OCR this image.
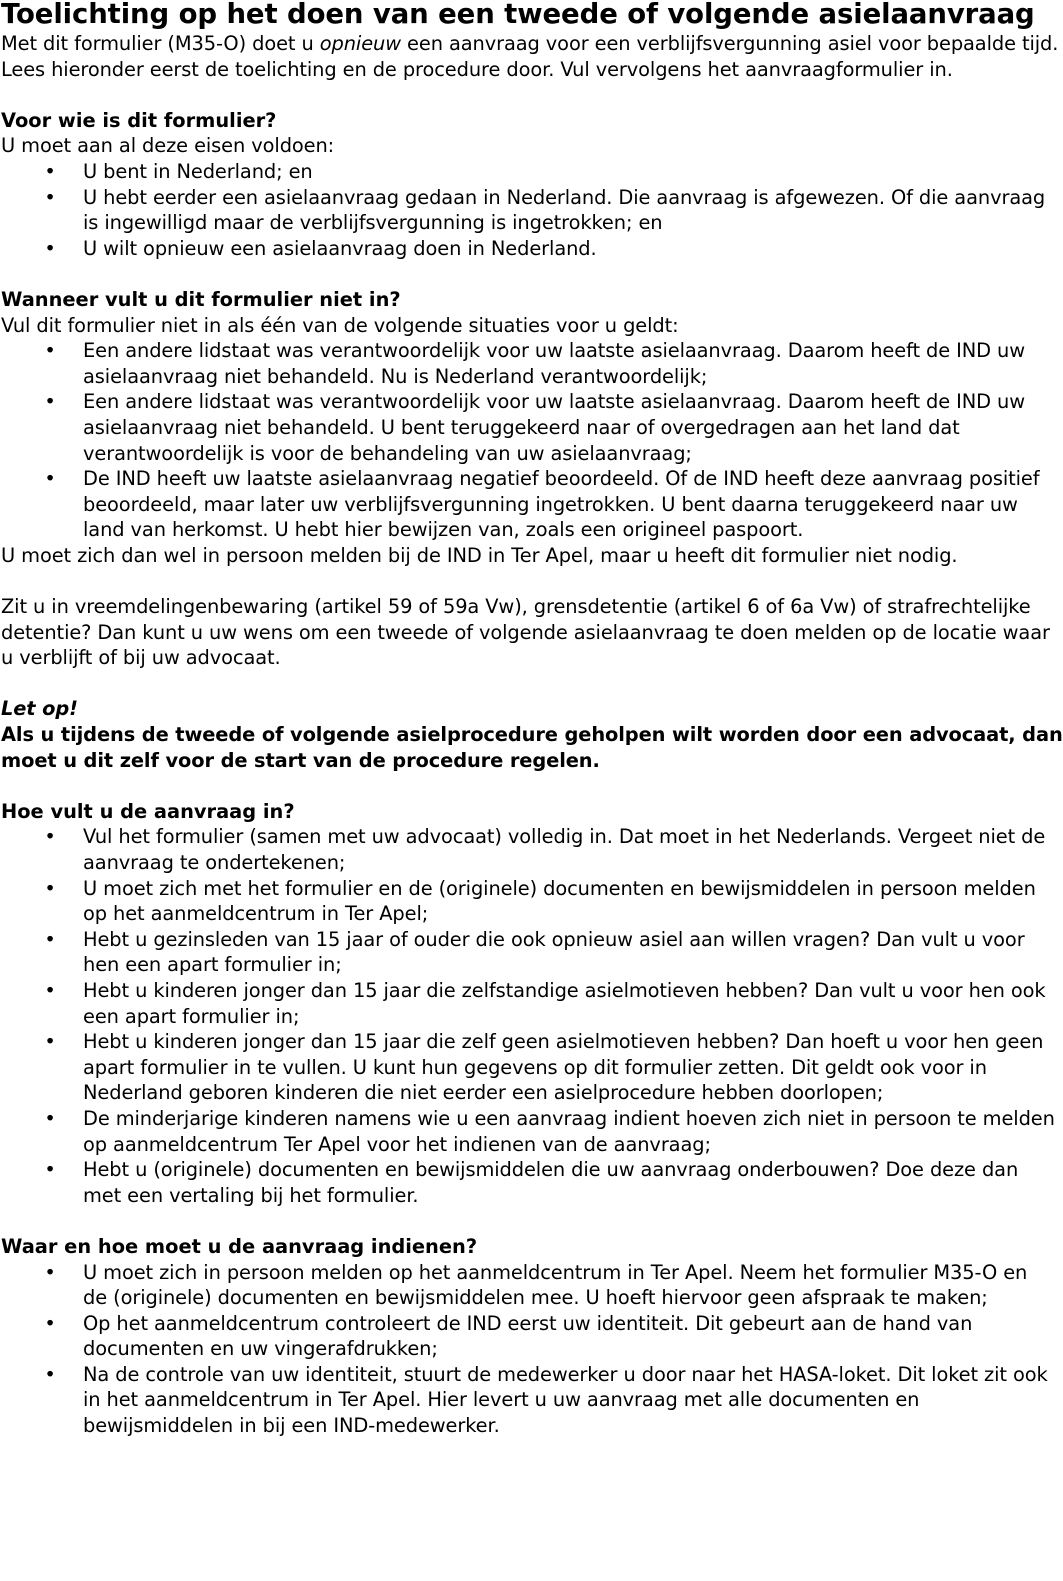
Toelichting op het doen van een tweede of volgende asielaanvraag

Met dit formulier (M35-O) doet u opnieuw een aanvraag voor een verblijfsvergunning asiel voor bepaalde tijd. Lees hieronder eerst de toelichting en de procedure door. Vul vervolgens het aanvraagformulier in.

Voor wie is dit formulier?

U moet aan al deze eisen voldoen:

• U bent in Nederland; en
• U hebt eerder een asielaanvraag gedaan in Nederland. Die aanvraag is afgewezen. Of die aanvraag is ingewilligd maar de verblijfsvergunning is ingetrokken; en
• U wilt opnieuw een asielaanvraag doen in Nederland.
Wanneer vult u dit formulier niet in?

Vul dit formulier niet in als één van de volgende situaties voor u geldt:

• Een andere lidstaat was verantwoordelijk voor uw laatste asielaanvraag. Daarom heeft de IND uw asielaanvraag niet behandeld. Nu is Nederland verantwoordelijk;
• Een andere lidstaat was verantwoordelijk voor uw laatste asielaanvraag. Daarom heeft de IND uw asielaanvraag niet behandeld. U bent teruggekeerd naar of overgedragen aan het land dat verantwoordelijk is voor de behandeling van uw asielaanvraag;
• De IND heeft uw laatste asielaanvraag negatief beoordeeld. Of de IND heeft deze aanvraag positief beoordeeld, maar later uw verblijfsvergunning ingetrokken. U bent daarna teruggekeerd naar uw land van herkomst. U hebt hier bewijzen van, zoals een origineel paspoort.

U moet zich dan wel in persoon melden bij de IND in Ter Apel, maar u heeft dit formulier niet nodig.

Zit u in vreemdelingenbewaring (artikel 59 of 59a Vw), grensdetentie (artikel 6 of 6a Vw) of strafrechtelijke detentie? Dan kunt u uw wens om een tweede of volgende asielaanvraag te doen melden op de locatie waar u verblijft of bij uw advocaat.

Let op!

Als u tijdens de tweede of volgende asielprocedure geholpen wilt worden door een advocaat, dan moet u dit zelf voor de start van de procedure regelen.

Hoe vult u de aanvraag in?
• Vul het formulier (samen met uw advocaat) volledig in. Dat moet in het Nederlands. Vergeet niet de aanvraag te ondertekenen;
• U moet zich met het formulier en de (originele) documenten en bewijsmiddelen in persoon melden op het aanmeldcentrum in Ter Apel;
• Hebt u gezinsleden van 15 jaar of ouder die ook opnieuw asiel aan willen vragen? Dan vult u voor hen een apart formulier in;
• Hebt u kinderen jonger dan 15 jaar die zelfstandige asielmotieven hebben? Dan vult u voor hen ook een apart formulier in;
• Hebt u kinderen jonger dan 15 jaar die zelf geen asielmotieven hebben? Dan hoeft u voor hen geen apart formulier in te vullen. U kunt hun gegevens op dit formulier zetten. Dit geldt ook voor in Nederland geboren kinderen die niet eerder een asielprocedure hebben doorlopen;
• De minderjarige kinderen namens wie u een aanvraag indient hoeven zich niet in persoon te melden op aanmeldcentrum Ter Apel voor het indienen van de aanvraag;
• Hebt u (originele) documenten en bewijsmiddelen die uw aanvraag onderbouwen? Doe deze dan met een vertaling bij het formulier.
Waar en hoe moet u de aanvraag indienen?
• U moet zich in persoon melden op het aanmeldcentrum in Ter Apel. Neem het formulier M35-O en de (originele) documenten en bewijsmiddelen mee. U hoeft hiervoor geen afspraak te maken;
• Op het aanmeldcentrum controleert de IND eerst uw identiteit. Dit gebeurt aan de hand van documenten en uw vingerafdrukken;
• Na de controle van uw identiteit, stuurt de medewerker u door naar het HASA-loket. Dit loket zit ook in het aanmeldcentrum in Ter Apel. Hier levert u uw aanvraag met alle documenten en bewijsmiddelen in bij een IND-medewerker.
